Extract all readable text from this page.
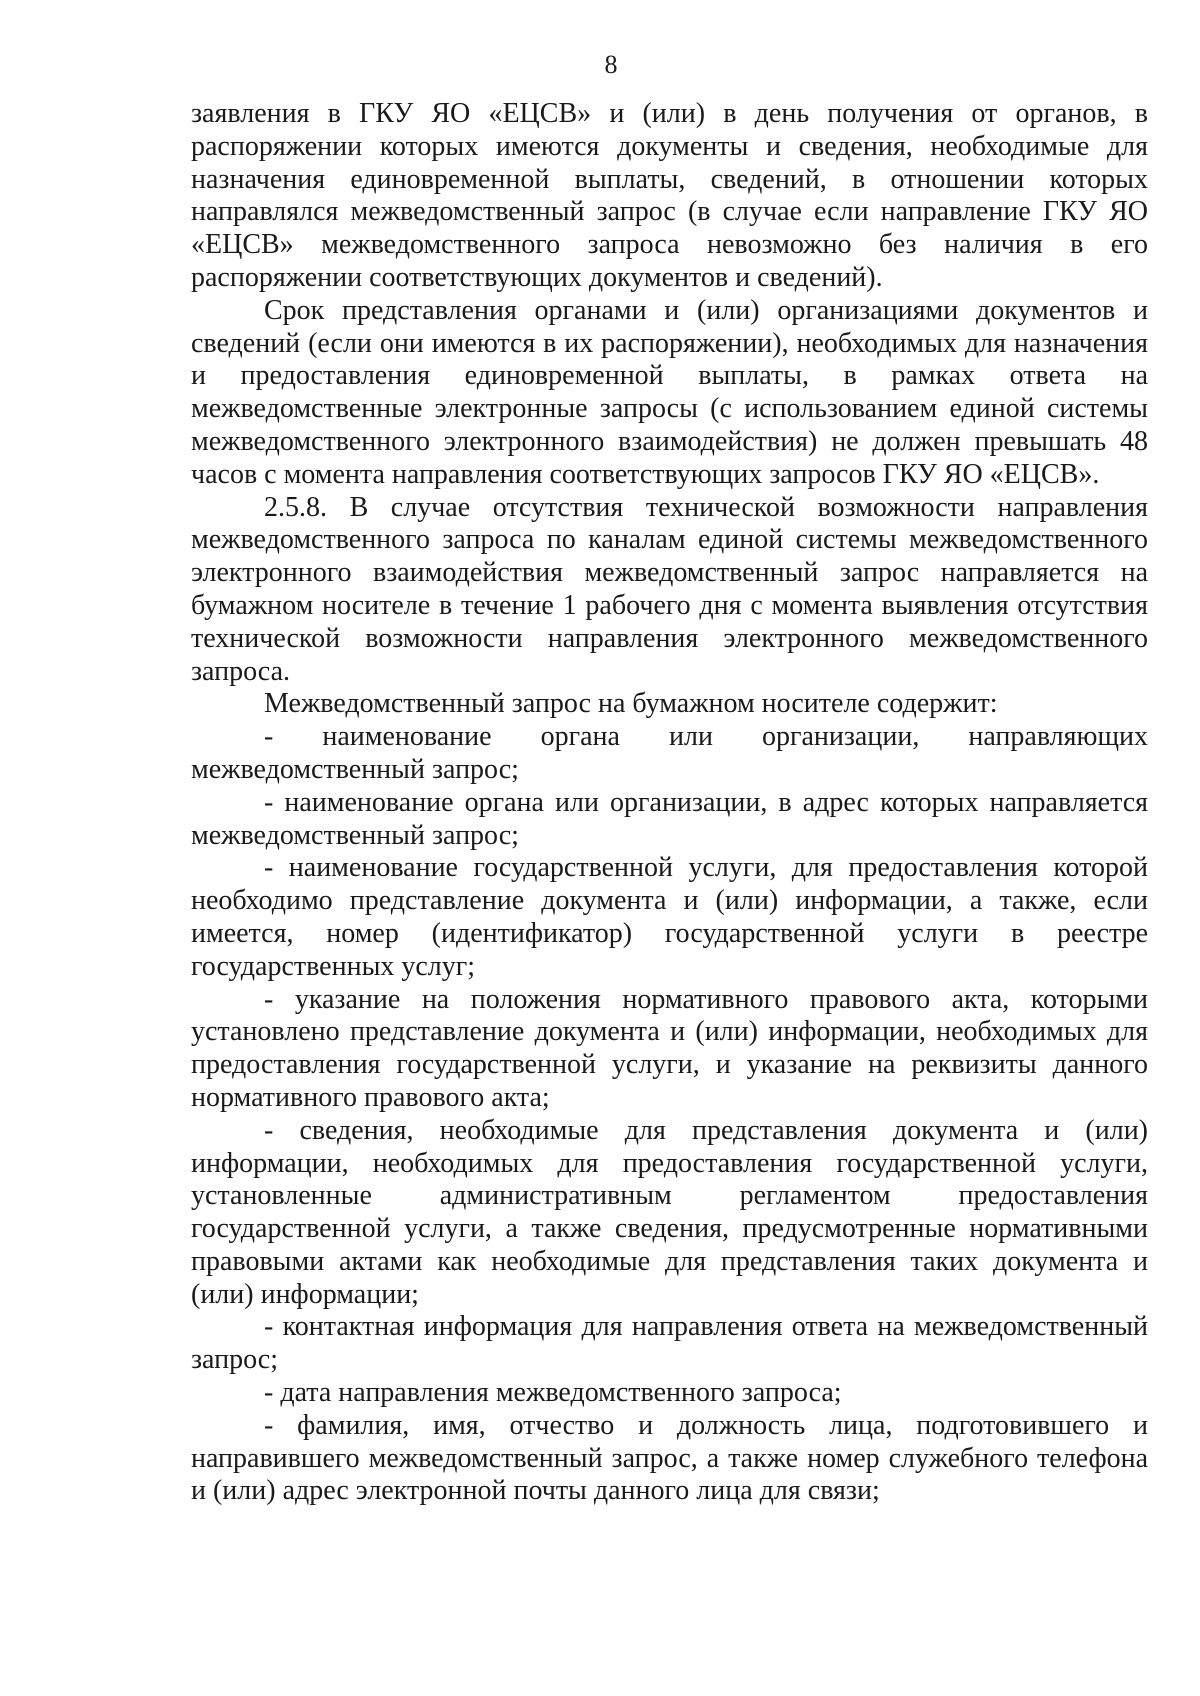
8

заявления в ГКУ ЯО «ЕЦСВ» и (или) в день получения от органов, в распоряжении которых имеются документы и сведения, необходимые для назначения единовременной выплаты, сведений, в отношении которых направлялся межведомственный запрос (в случае если направление ГКУ ЯО «ЕЦСВ» межведомственного запроса невозможно без наличия в его распоряжении соответствующих документов и сведений).

Срок представления органами и (или) организациями документов и сведений (если они имеются в их распоряжении), необходимых для назначения и предоставления единовременной выплаты, в рамках ответа на межведомственные электронные запросы (с использованием единой системы межведомственного электронного взаимодействия) не должен превышать 48 часов с момента направления соответствующих запросов ГКУ ЯО «ЕЦСВ».

2.5.8. В случае отсутствия технической возможности направления межведомственного запроса по каналам единой системы межведомственного электронного взаимодействия межведомственный запрос направляется на бумажном носителе в течение 1 рабочего дня с момента выявления отсутствия технической возможности направления электронного межведомственного запроса.

Межведомственный запрос на бумажном носителе содержит:

- наименование органа или организации, направляющих межведомственный запрос;

- наименование органа или организации, в адрес которых направляется межведомственный запрос;

- наименование государственной услуги, для предоставления которой необходимо представление документа и (или) информации, а также, если имеется, номер (идентификатор) государственной услуги в реестре государственных услуг;

- указание на положения нормативного правового акта, которыми установлено представление документа и (или) информации, необходимых для предоставления государственной услуги, и указание на реквизиты данного нормативного правового акта;

- сведения, необходимые для представления документа и (или) информации, необходимых для предоставления государственной услуги, установленные административным регламентом предоставления государственной услуги, а также сведения, предусмотренные нормативными правовыми актами как необходимые для представления таких документа и (или) информации;

- контактная информация для направления ответа на межведомственный запрос;

- дата направления межведомственного запроса;

- фамилия, имя, отчество и должность лица, подготовившего и направившего межведомственный запрос, а также номер служебного телефона и (или) адрес электронной почты данного лица для связи;
